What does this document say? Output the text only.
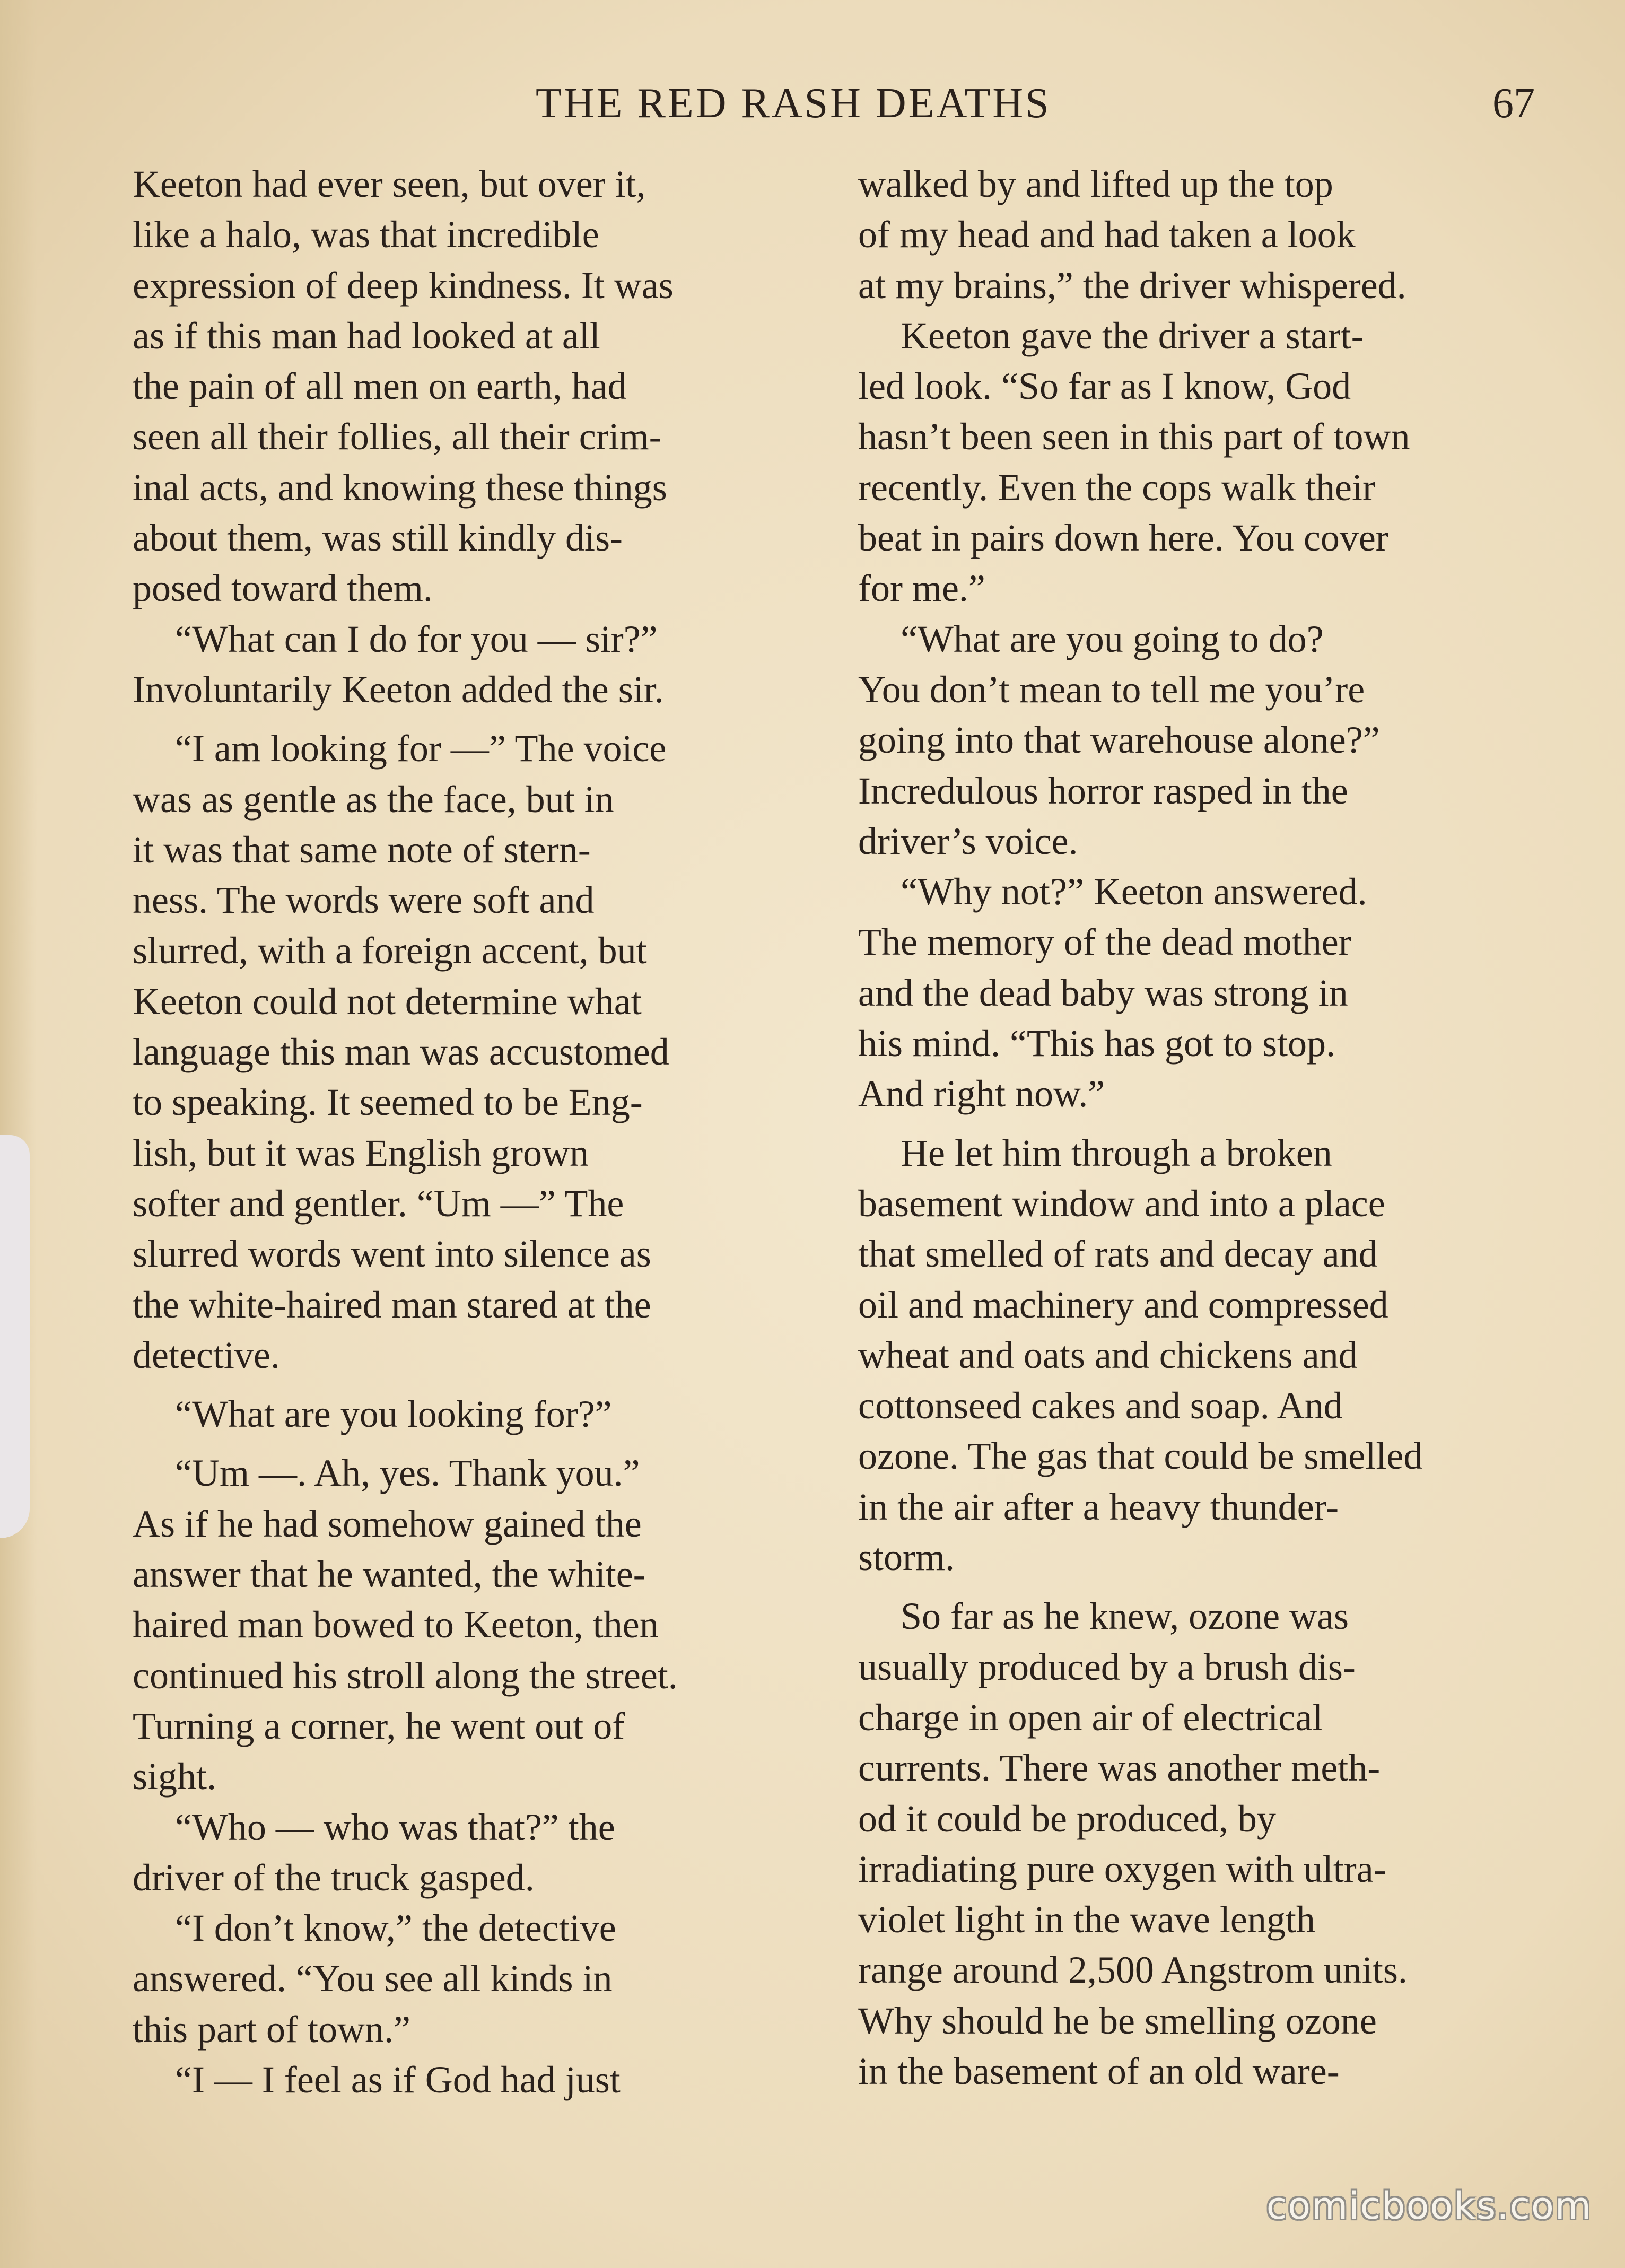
THE RED RASH DEATHS	67

Keeton had ever seen, but over it,
like a halo, was that incredible
expression of deep kindness. It was
as if this man had looked at all
the pain of all men on earth, had
seen all their follies, all their crim-
inal acts, and knowing these things
about them, was still kindly dis-
posed toward them.

“What can I do for you — sir?”
Involuntarily Keeton added the sir.

“I am looking for —” The voice
was as gentle as the face, but in
it was that same note of stern-
ness. The words were soft and
slurred, with a foreign accent, but
Keeton could not determine what
language this man was accustomed
to speaking. It seemed to be Eng-
lish, but it was English grown
softer and gentler. “Um —” The
slurred words went into silence as
the white-haired man stared at the
detective.

“What are you looking for?”

“Um —. Ah, yes. Thank you.”
As if he had somehow gained the
answer that he wanted, the white-
haired man bowed to Keeton, then
continued his stroll along the street.
Turning a corner, he went out of
sight.

“Who — who was that?” the
driver of the truck gasped.

“I don’t know,” the detective
answered. “You see all kinds in
this part of town.”

“I — I feel as if God had just

walked by and lifted up the top
of my head and had taken a look
at my brains,” the driver whispered.

Keeton gave the driver a start-
led look. “So far as I know, God
hasn’t been seen in this part of town
recently. Even the cops walk their
beat in pairs down here. You cover
for me.”

“What are you going to do?
You don’t mean to tell me you’re
going into that warehouse alone?”
Incredulous horror rasped in the
driver’s voice.

“Why not?” Keeton answered.
The memory of the dead mother
and the dead baby was strong in
his mind. “This has got to stop.
And right now.”

He let him through a broken
basement window and into a place
that smelled of rats and decay and
oil and machinery and compressed
wheat and oats and chickens and
cottonseed cakes and soap. And
ozone. The gas that could be smelled
in the air after a heavy thunder-
storm.

So far as he knew, ozone was
usually produced by a brush dis-
charge in open air of electrical
currents. There was another meth-
od it could be produced, by
irradiating pure oxygen with ultra-
violet light in the wave length
range around 2,500 Angstrom units.
Why should he be smelling ozone
in the basement of an old ware-

comicbooks.com
